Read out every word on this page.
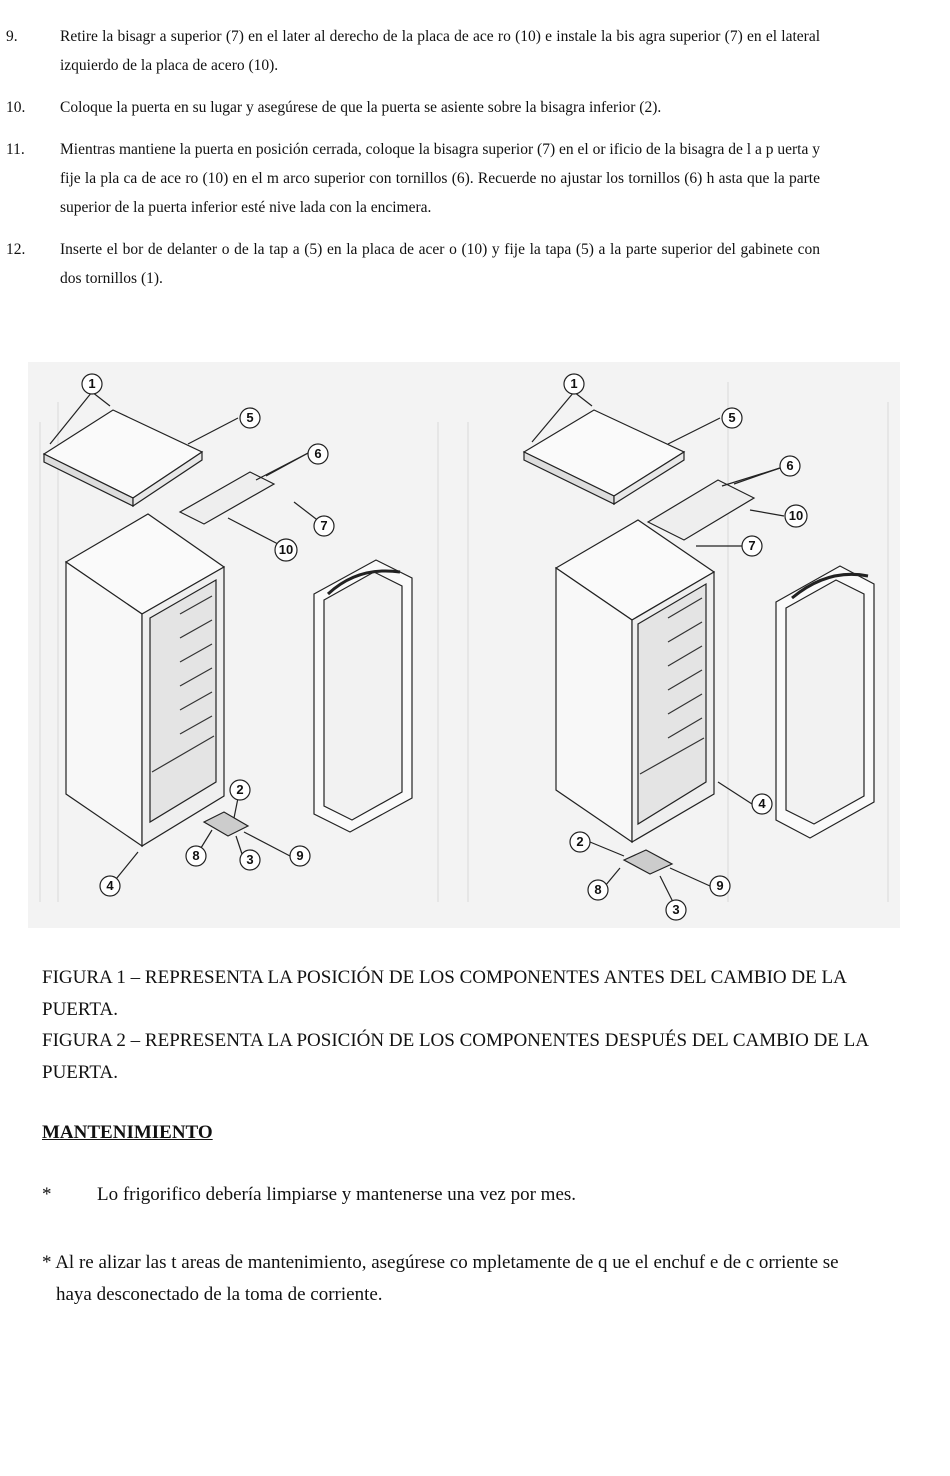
9.	Retire la bisagr a superior (7) en el later al derecho de la placa de ace ro (10) e instale la bis agra superior (7) en el lateral izquierdo de la placa de acero (10).
10.	Coloque la puerta en su lugar y asegúrese de que la puerta se asiente sobre la bisagra inferior (2).
11.	Mientras mantiene la puerta en posición cerrada, coloque la bisagra superior (7) en el or ificio de la bisagra de l a p uerta y fije la pla ca de ace ro (10) en el m arco superior con tornillos (6). Recuerde no ajustar los tornillos (6) h asta que la parte superior de la puerta inferior esté nive lada con la encimera.
12.	Inserte el bor de delanter o de la tap a (5) en la placa de acer o (10) y fije la tapa (5) a la parte superior del gabinete con dos tornillos (1).
1
5
6
7
10
2
8	3	9
4
1
5
6
10
7
4
2
8
3
9
FIGURA 1 – REPRESENTA LA POSICIÓN DE LOS COMPONENTES ANTES DEL CAMBIO DE LA PUERTA.
FIGURA 2 – REPRESENTA LA POSICIÓN DE LOS COMPONENTES DESPUÉS DEL CAMBIO DE LA PUERTA.
MANTENIMIENTO
*	Lo frigorifico debería limpiarse y mantenerse una vez por mes.
* Al re alizar las t areas de mantenimiento, asegúrese co mpletamente de q ue el enchuf e de c orriente se
haya desconectado de la toma de corriente.
